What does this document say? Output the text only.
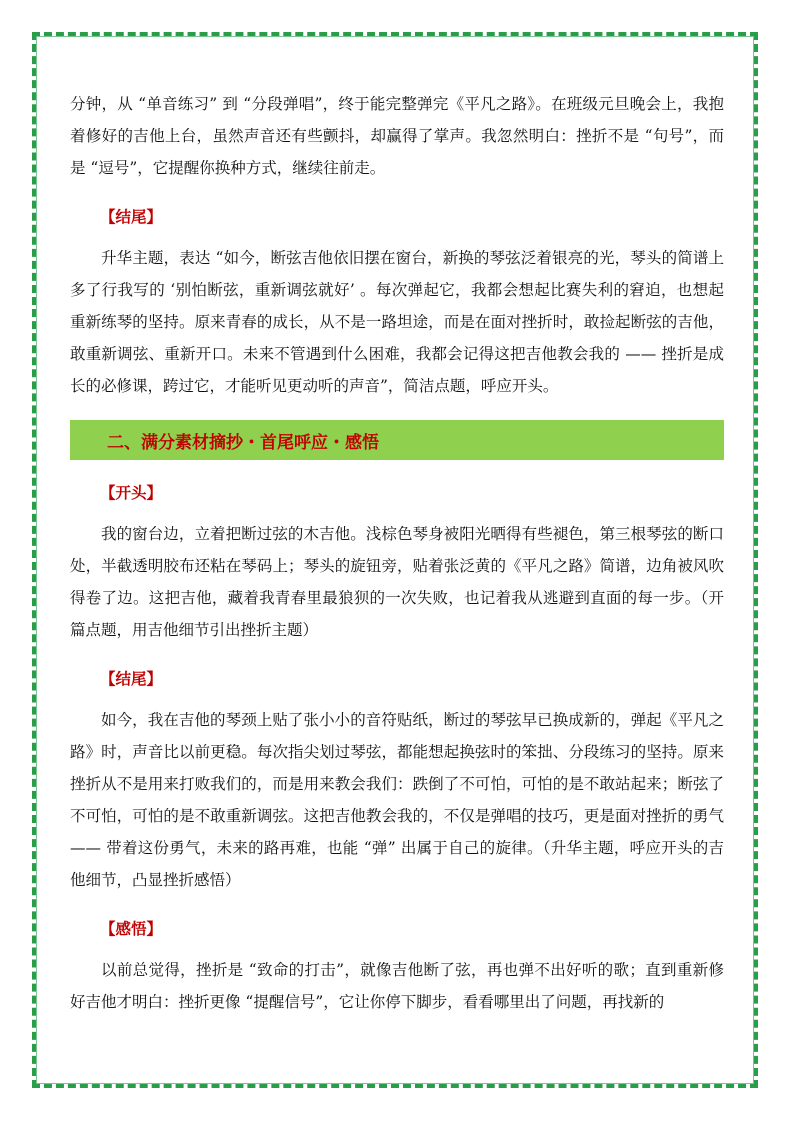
分钟，从 “单音练习” 到 “分段弹唱”，终于能完整弹完《平凡之路》。在班级元旦晚会上，我抱着修好的吉他上台，虽然声音还有些颤抖，却赢得了掌声。我忽然明白：挫折不是 “句号”，而是 “逗号”，它提醒你换种方式，继续往前走。

【结尾】

升华主题，表达 “如今，断弦吉他依旧摆在窗台，新换的琴弦泛着银亮的光，琴头的简谱上多了行我写的 ‘别怕断弦，重新调弦就好’ 。每次弹起它，我都会想起比赛失利的窘迫，也想起重新练琴的坚持。原来青春的成长，从不是一路坦途，而是在面对挫折时，敢捡起断弦的吉他，敢重新调弦、重新开口。未来不管遇到什么困难，我都会记得这把吉他教会我的 —— 挫折是成长的必修课，跨过它，才能听见更动听的声音”，简洁点题，呼应开头。

二、满分素材摘抄・首尾呼应・感悟
【开头】

我的窗台边，立着把断过弦的木吉他。浅棕色琴身被阳光晒得有些褪色，第三根琴弦的断口处，半截透明胶布还粘在琴码上；琴头的旋钮旁，贴着张泛黄的《平凡之路》简谱，边角被风吹得卷了边。这把吉他，藏着我青春里最狼狈的一次失败，也记着我从逃避到直面的每一步。（开篇点题，用吉他细节引出挫折主题）

【结尾】

如今，我在吉他的琴颈上贴了张小小的音符贴纸，断过的琴弦早已换成新的，弹起《平凡之路》时，声音比以前更稳。每次指尖划过琴弦，都能想起换弦时的笨拙、分段练习的坚持。原来挫折从不是用来打败我们的，而是用来教会我们：跌倒了不可怕，可怕的是不敢站起来；断弦了不可怕，可怕的是不敢重新调弦。这把吉他教会我的，不仅是弹唱的技巧，更是面对挫折的勇气 —— 带着这份勇气，未来的路再难，也能 “弹” 出属于自己的旋律。（升华主题，呼应开头的吉他细节，凸显挫折感悟）

【感悟】

以前总觉得，挫折是 “致命的打击”，就像吉他断了弦，再也弹不出好听的歌；直到重新修好吉他才明白：挫折更像 “提醒信号”，它让你停下脚步，看看哪里出了问题，再找新的
